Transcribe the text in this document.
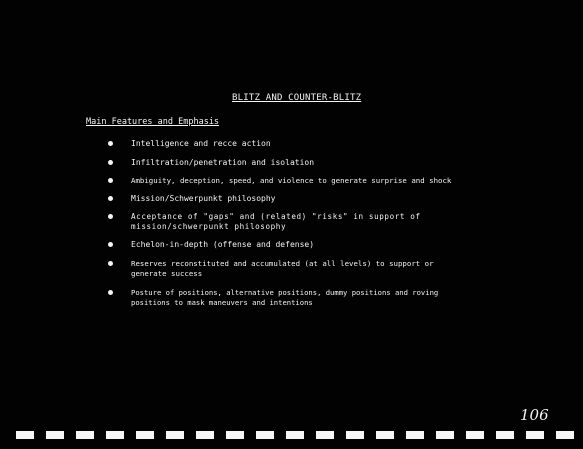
BLITZ AND COUNTER-BLITZ
Main Features and Emphasis
Intelligence and recce action
Infiltration/penetration and isolation
Ambiguity, deception, speed, and violence to generate surprise and shock
Mission/Schwerpunkt philosophy
Acceptance of "gaps" and (related) "risks" in support of
mission/schwerpunkt philosophy
Echelon-in-depth (offense and defense)
Reserves reconstituted and accumulated (at all levels) to support or
generate success
Posture of positions, alternative positions, dummy positions and roving
positions to mask maneuvers and intentions
106
